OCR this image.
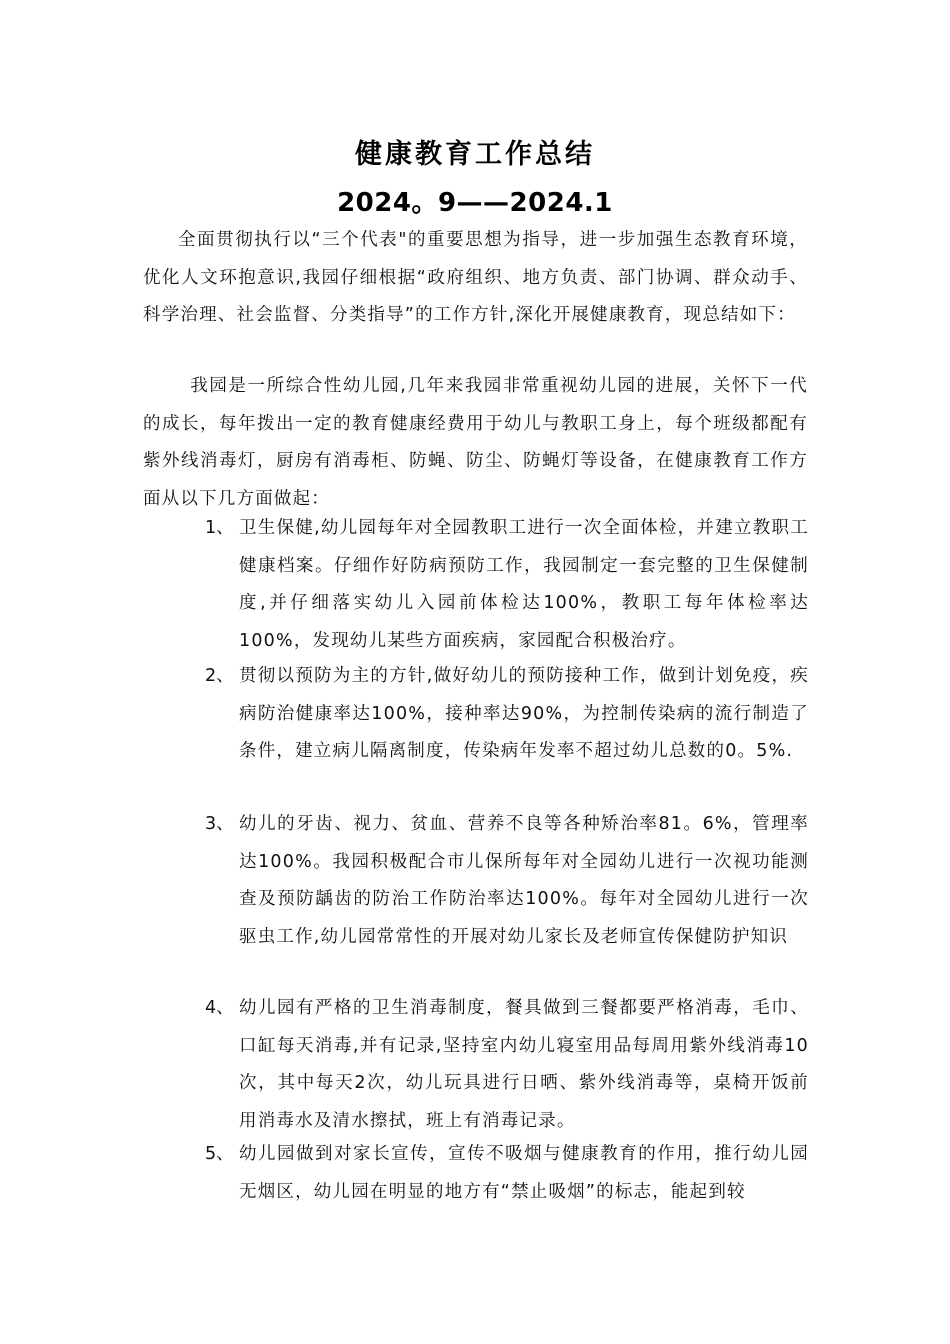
健康教育工作总结
2024。9——2024.1

全面贯彻执行以“三个代表"的重要思想为指导，进一步加强生态教育环境，优化人文环抱意识,我园仔细根据“政府组织、地方负责、部门协调、群众动手、科学治理、社会监督、分类指导”的工作方针,深化开展健康教育，现总结如下：

我园是一所综合性幼儿园,几年来我园非常重视幼儿园的进展，关怀下一代的成长，每年拨出一定的教育健康经费用于幼儿与教职工身上，每个班级都配有紫外线消毒灯，厨房有消毒柜、防蝇、防尘、防蝇灯等设备，在健康教育工作方面从以下几方面做起：

1、 卫生保健,幼儿园每年对全园教职工进行一次全面体检，并建立教职工健康档案。仔细作好防病预防工作，我园制定一套完整的卫生保健制度,并仔细落实幼儿入园前体检达100%，教职工每年体检率达100%，发现幼儿某些方面疾病，家园配合积极治疗。
2、 贯彻以预防为主的方针,做好幼儿的预防接种工作，做到计划免疫，疾病防治健康率达100%，接种率达90%，为控制传染病的流行制造了条件，建立病儿隔离制度，传染病年发率不超过幼儿总数的0。5%.
3、 幼儿的牙齿、视力、贫血、营养不良等各种矫治率81。6%，管理率达100%。我园积极配合市儿保所每年对全园幼儿进行一次视功能测查及预防龋齿的防治工作防治率达100%。每年对全园幼儿进行一次驱虫工作,幼儿园常常性的开展对幼儿家长及老师宣传保健防护知识
4、 幼儿园有严格的卫生消毒制度，餐具做到三餐都要严格消毒，毛巾、口缸每天消毒,并有记录,坚持室内幼儿寝室用品每周用紫外线消毒10次，其中每天2次，幼儿玩具进行日晒、紫外线消毒等，桌椅开饭前用消毒水及清水擦拭，班上有消毒记录。
5、 幼儿园做到对家长宣传，宣传不吸烟与健康教育的作用，推行幼儿园无烟区，幼儿园在明显的地方有“禁止吸烟”的标志，能起到较
